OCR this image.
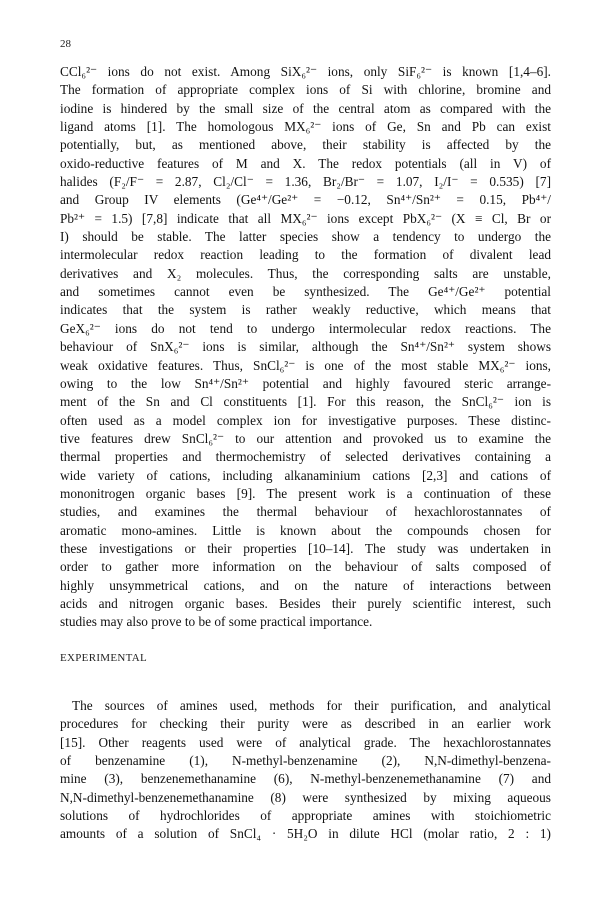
28
CCl₆²⁻ ions do not exist. Among SiX₆²⁻ ions, only SiF₆²⁻ is known [1,4–6].
The formation of appropriate complex ions of Si with chlorine, bromine and
iodine is hindered by the small size of the central atom as compared with the
ligand atoms [1]. The homologous MX₆²⁻ ions of Ge, Sn and Pb can exist
potentially, but, as mentioned above, their stability is affected by the
oxido-reductive features of M and X. The redox potentials (all in V) of
halides (F₂/F⁻ = 2.87, Cl₂/Cl⁻ = 1.36, Br₂/Br⁻ = 1.07, I₂/I⁻ = 0.535) [7]
and Group IV elements (Ge⁴⁺/Ge²⁺ = −0.12, Sn⁴⁺/Sn²⁺ = 0.15, Pb⁴⁺/
Pb²⁺ = 1.5) [7,8] indicate that all MX₆²⁻ ions except PbX₆²⁻ (X ≡ Cl, Br or
I) should be stable. The latter species show a tendency to undergo the
intermolecular redox reaction leading to the formation of divalent lead
derivatives and X₂ molecules. Thus, the corresponding salts are unstable,
and sometimes cannot even be synthesized. The Ge⁴⁺/Ge²⁺ potential
indicates that the system is rather weakly reductive, which means that
GeX₆²⁻ ions do not tend to undergo intermolecular redox reactions. The
behaviour of SnX₆²⁻ ions is similar, although the Sn⁴⁺/Sn²⁺ system shows
weak oxidative features. Thus, SnCl₆²⁻ is one of the most stable MX₆²⁻ ions,
owing to the low Sn⁴⁺/Sn²⁺ potential and highly favoured steric arrange-
ment of the Sn and Cl constituents [1]. For this reason, the SnCl₆²⁻ ion is
often used as a model complex ion for investigative purposes. These distinc-
tive features drew SnCl₆²⁻ to our attention and provoked us to examine the
thermal properties and thermochemistry of selected derivatives containing a
wide variety of cations, including alkanaminium cations [2,3] and cations of
mononitrogen organic bases [9]. The present work is a continuation of these
studies, and examines the thermal behaviour of hexachlorostannates of
aromatic mono-amines. Little is known about the compounds chosen for
these investigations or their properties [10–14]. The study was undertaken in
order to gather more information on the behaviour of salts composed of
highly unsymmetrical cations, and on the nature of interactions between
acids and nitrogen organic bases. Besides their purely scientific interest, such
studies may also prove to be of some practical importance.
EXPERIMENTAL
The sources of amines used, methods for their purification, and analytical
procedures for checking their purity were as described in an earlier work
[15]. Other reagents used were of analytical grade. The hexachlorostannates
of benzenamine (1), N-methyl-benzenamine (2), N,N-dimethyl-benzena-
mine (3), benzenemethanamine (6), N-methyl-benzenemethanamine (7) and
N,N-dimethyl-benzenemethanamine (8) were synthesized by mixing aqueous
solutions of hydrochlorides of appropriate amines with stoichiometric
amounts of a solution of SnCl₄ · 5H₂O in dilute HCl (molar ratio, 2 : 1)
